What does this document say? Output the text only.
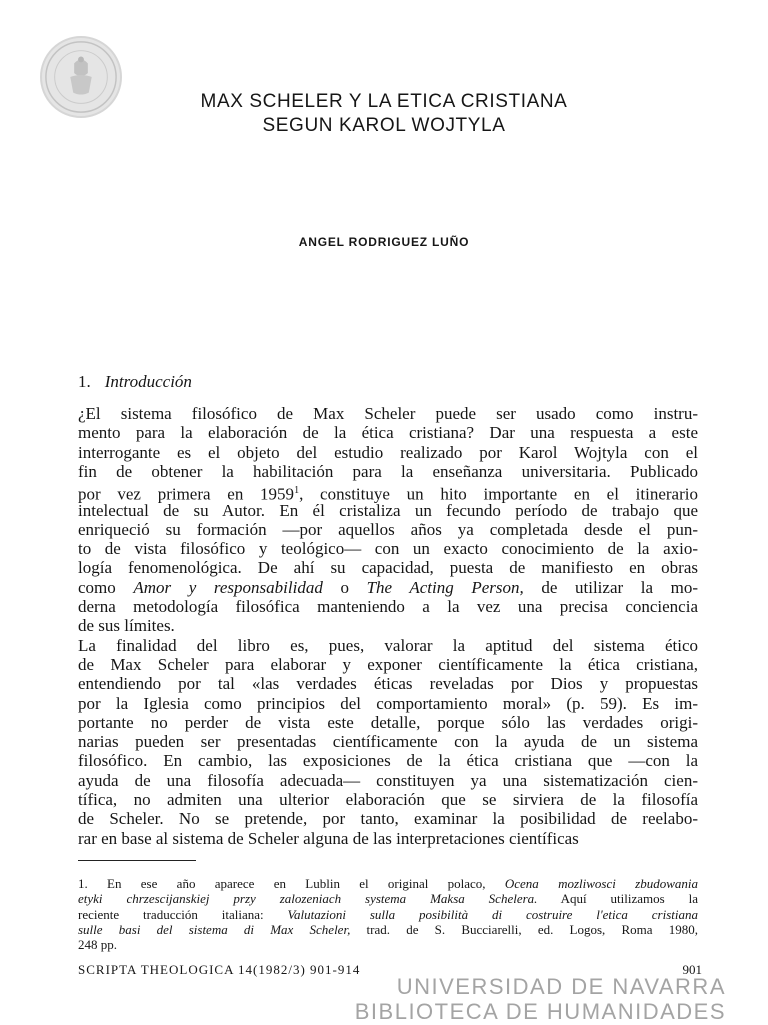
MAX SCHELER Y LA ETICA CRISTIANA
SEGUN KAROL WOJTYLA
ANGEL RODRIGUEZ LUÑO
1. Introducción
¿El sistema filosófico de Max Scheler puede ser usado como instru-
mento para la elaboración de la ética cristiana? Dar una respuesta a este
interrogante es el objeto del estudio realizado por Karol Wojtyla con el
fin de obtener la habilitación para la enseñanza universitaria. Publicado
por vez primera en 1959$^1$, constituye un hito importante en el itinerario
intelectual de su Autor. En él cristaliza un fecundo período de trabajo que
enriqueció su formación —por aquellos años ya completada desde el pun-
to de vista filosófico y teológico— con un exacto conocimiento de la axio-
logía fenomenológica. De ahí su capacidad, puesta de manifiesto en obras
como Amor y responsabilidad o The Acting Person, de utilizar la mo-
derna metodología filosófica manteniendo a la vez una precisa conciencia
de sus límites.
La finalidad del libro es, pues, valorar la aptitud del sistema ético
de Max Scheler para elaborar y exponer científicamente la ética cristiana,
entendiendo por tal «las verdades éticas reveladas por Dios y propuestas
por la Iglesia como principios del comportamiento moral» (p. 59). Es im-
portante no perder de vista este detalle, porque sólo las verdades origi-
narias pueden ser presentadas científicamente con la ayuda de un sistema
filosófico. En cambio, las exposiciones de la ética cristiana que —con la
ayuda de una filosofía adecuada— constituyen ya una sistematización cien-
tífica, no admiten una ulterior elaboración que se sirviera de la filosofía
de Scheler. No se pretende, por tanto, examinar la posibilidad de reelabo-
rar en base al sistema de Scheler alguna de las interpretaciones científicas
1. En ese año aparece en Lublin el original polaco, Ocena mozliwosci zbudowania
etyki chrzescijanskiej przy zalozeniach systema Maksa Schelera. Aquí utilizamos la
reciente traducción italiana: Valutazioni sulla posibilità di costruire l'etica cristiana
sulle basi del sistema di Max Scheler, trad. de S. Bucciarelli, ed. Logos, Roma 1980,
248 pp.
SCRIPTA THEOLOGICA 14(1982/3) 901-914	901
UNIVERSIDAD DE NAVARRA
BIBLIOTECA DE HUMANIDADES
